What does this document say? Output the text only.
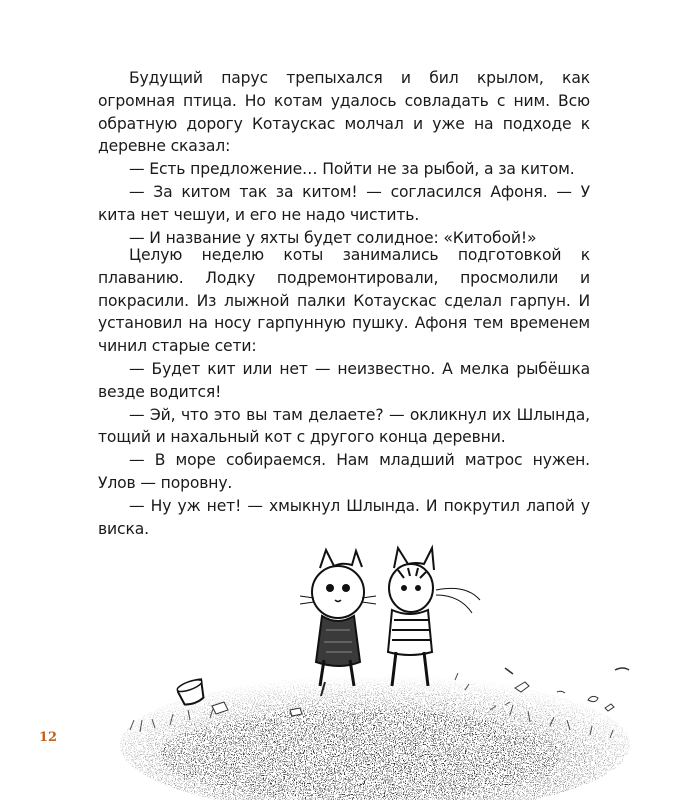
Будущий парус трепыхался и бил крылом, как огромная птица. Но котам удалось совладать с ним. Всю обратную дорогу Котаускас молчал и уже на подходе к деревне сказал:

— Есть предложение… Пойти не за рыбой, а за китом.

— За китом так за китом! — согласился Афоня. — У кита нет чешуи, и его не надо чистить.

— И название у яхты будет солидное: «Китобой!»

Целую неделю коты занимались подготовкой к плаванию. Лодку подремонтировали, просмолили и покрасили. Из лыжной палки Котаускас сделал гарпун. И установил на носу гарпунную пушку. Афоня тем временем чинил старые сети:

— Будет кит или нет — неизвестно. А мелка рыбёшка везде водится!

— Эй, что это вы там делаете? — окликнул их Шлында, тощий и нахальный кот с другого конца деревни.

— В море собираемся. Нам младший матрос нужен. Улов — поровну.

— Ну уж нет! — хмыкнул Шлында. И покрутил лапой у виска.

12
